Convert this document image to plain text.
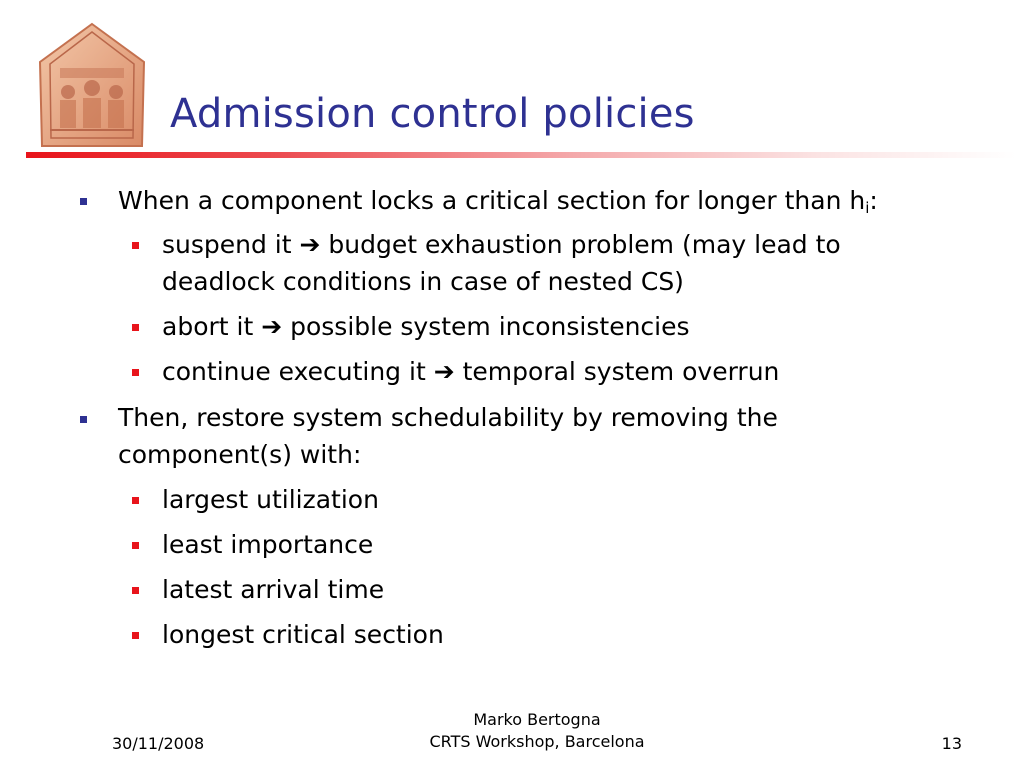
Admission control policies
When a component locks a critical section for longer than $h_i$:
suspend it ➔ budget exhaustion problem (may lead to
deadlock conditions in case of nested CS)
abort it ➔ possible system inconsistencies
continue executing it ➔ temporal system overrun
Then, restore system schedulability by removing the
component(s) with:
largest utilization
least importance
latest arrival time
longest critical section
30/11/2008
Marko Bertogna
CRTS Workshop, Barcelona	13
